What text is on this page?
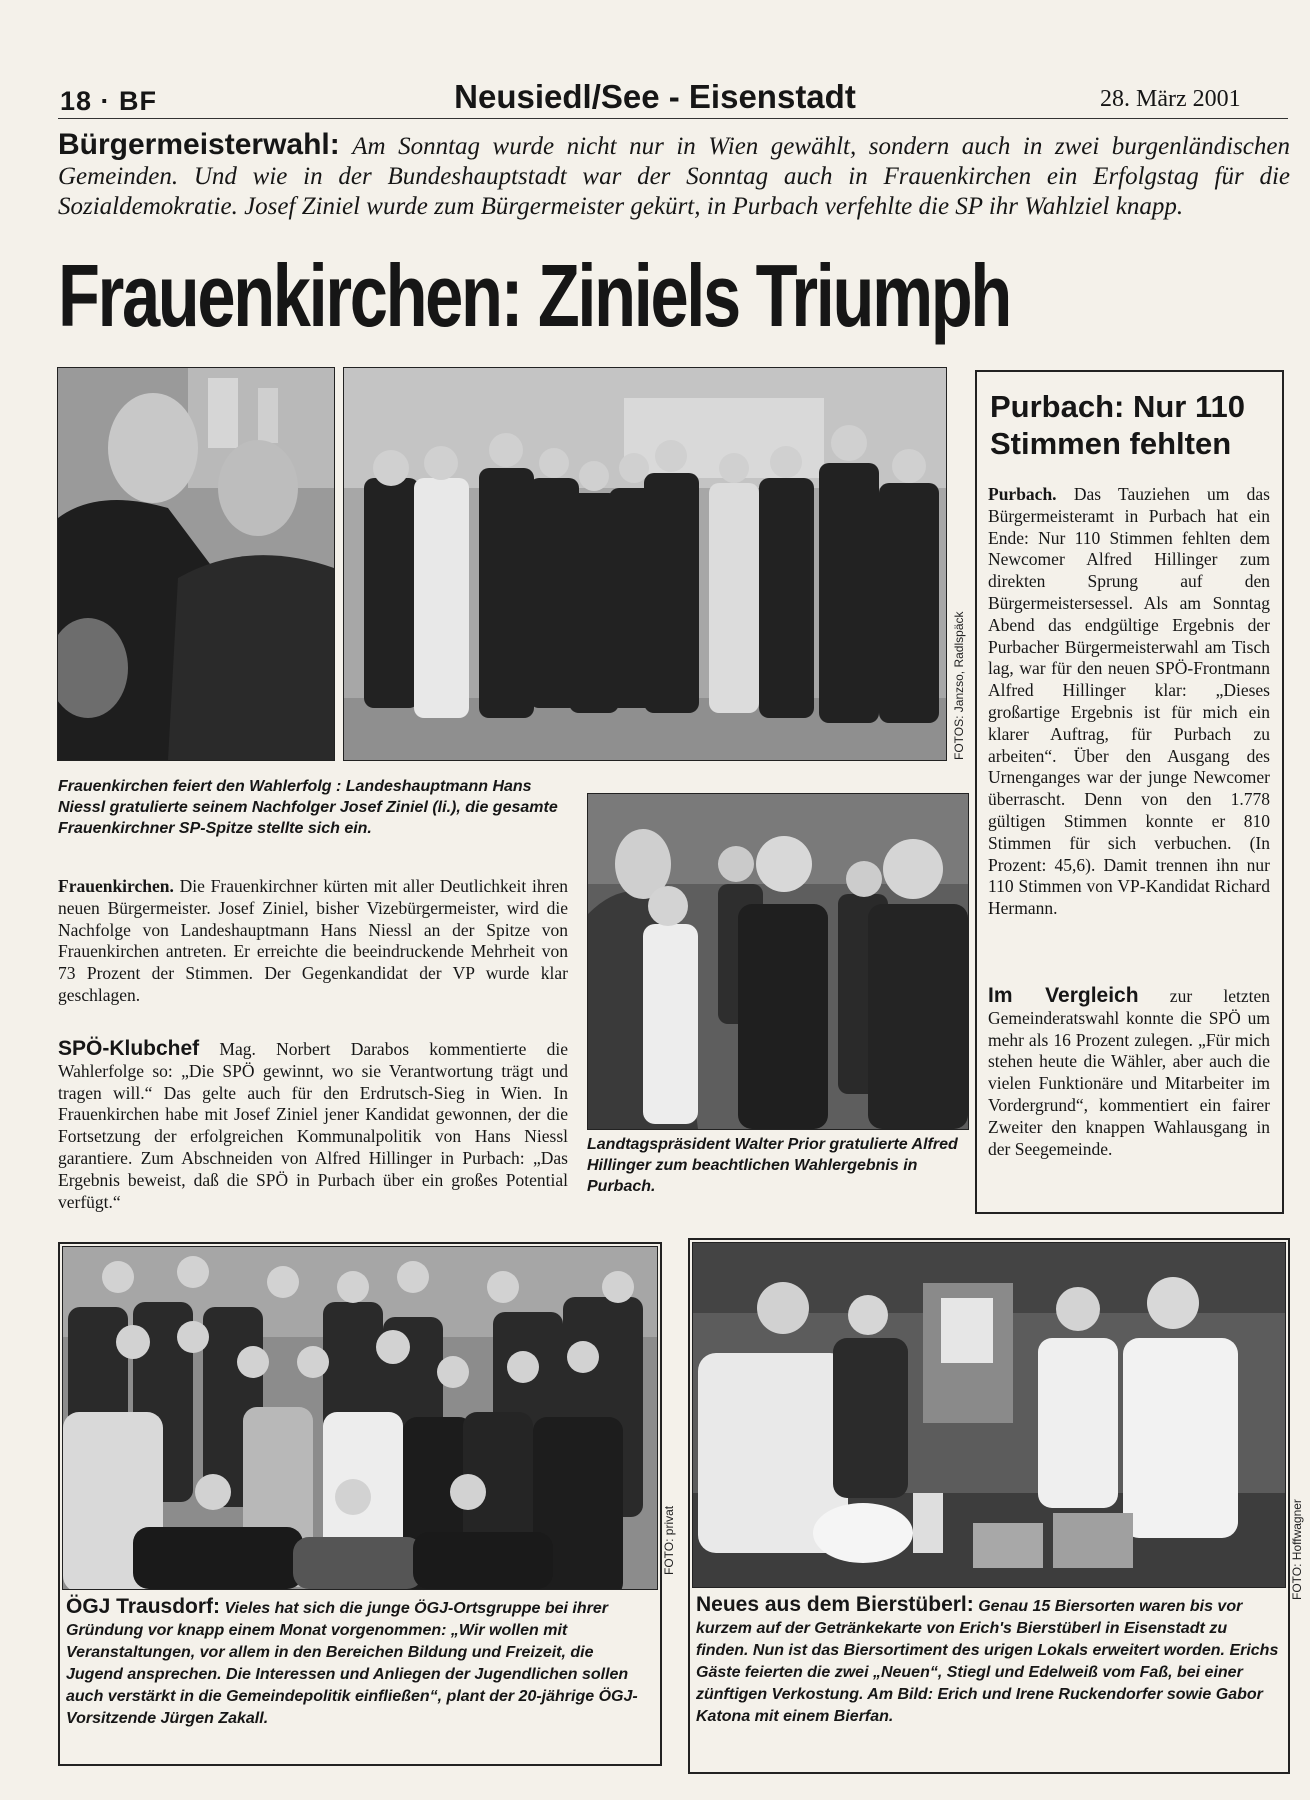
18 · BF	Neusiedl/See - Eisenstadt	28. März 2001
Bürgermeisterwahl: Am Sonntag wurde nicht nur in Wien gewählt, sondern auch in zwei burgenländischen Gemeinden. Und wie in der Bundeshauptstadt war der Sonntag auch in Frauenkirchen ein Erfolgstag für die Sozialdemokratie. Josef Ziniel wurde zum Bürgermeister gekürt, in Purbach verfehlte die SP ihr Wahlziel knapp.
Frauenkirchen: Ziniels Triumph
FOTOS: Janzso, Radlspäck
Frauenkirchen feiert den Wahlerfolg : Landeshauptmann Hans Niessl gratulierte seinem Nachfolger Josef Ziniel (li.), die gesamte Frauenkirchner SP-Spitze stellte sich ein.
Frauenkirchen. Die Frauenkirchner kürten mit aller Deutlichkeit ihren neuen Bürgermeister. Josef Ziniel, bisher Vizebürgermeister, wird die Nachfolge von Landeshauptmann Hans Niessl an der Spitze von Frauenkirchen antreten. Er erreichte die beeindruckende Mehrheit von 73 Prozent der Stimmen. Der Gegenkandidat der VP wurde klar geschlagen.
SPÖ-Klubchef Mag. Norbert Darabos kommentierte die Wahlerfolge so: „Die SPÖ gewinnt, wo sie Verantwortung trägt und tragen will.“ Das gelte auch für den Erdrutsch-Sieg in Wien. In Frauenkirchen habe mit Josef Ziniel jener Kandidat gewonnen, der die Fortsetzung der erfolgreichen Kommunalpolitik von Hans Niessl garantiere. Zum Abschneiden von Alfred Hillinger in Purbach: „Das Ergebnis beweist, daß die SPÖ in Purbach über ein großes Potential verfügt.“
Landtagspräsident Walter Prior gratulierte Alfred Hillinger zum beachtlichen Wahlergebnis in Purbach.
Purbach: Nur 110 Stimmen fehlten
Purbach. Das Tauziehen um das Bürgermeisteramt in Purbach hat ein Ende: Nur 110 Stimmen fehlten dem Newcomer Alfred Hillinger zum direkten Sprung auf den Bürgermeistersessel. Als am Sonntag Abend das endgültige Ergebnis der Purbacher Bürgermeisterwahl am Tisch lag, war für den neuen SPÖ-Frontmann Alfred Hillinger klar: „Dieses großartige Ergebnis ist für mich ein klarer Auftrag, für Purbach zu arbeiten“. Über den Ausgang des Urnenganges war der junge Newcomer überrascht. Denn von den 1.778 gültigen Stimmen konnte er 810 Stimmen für sich verbuchen. (In Prozent: 45,6). Damit trennen ihn nur 110 Stimmen von VP-Kandidat Richard Hermann.
Im Vergleich zur letzten Gemeinderatswahl konnte die SPÖ um mehr als 16 Prozent zulegen. „Für mich stehen heute die Wähler, aber auch die vielen Funktionäre und Mitarbeiter im Vordergrund“, kommentiert ein fairer Zweiter den knappen Wahlausgang in der Seegemeinde.
FOTO: privat
ÖGJ Trausdorf: Vieles hat sich die junge ÖGJ-Ortsgruppe bei ihrer Gründung vor knapp einem Monat vorgenommen: „Wir wollen mit Veranstaltungen, vor allem in den Bereichen Bildung und Freizeit, die Jugend ansprechen. Die Interessen und Anliegen der Jugendlichen sollen auch verstärkt in die Gemeindepolitik einfließen“, plant der 20-jährige ÖGJ-Vorsitzende Jürgen Zakall.
FOTO: Hoffwagner
Neues aus dem Bierstüberl: Genau 15 Biersorten waren bis vor kurzem auf der Getränkekarte von Erich's Bierstüberl in Eisenstadt zu finden. Nun ist das Biersortiment des urigen Lokals erweitert worden. Erichs Gäste feierten die zwei „Neuen“, Stiegl und Edelweiß vom Faß, bei einer zünftigen Verkostung. Am Bild: Erich und Irene Ruckendorfer sowie Gabor Katona mit einem Bierfan.
